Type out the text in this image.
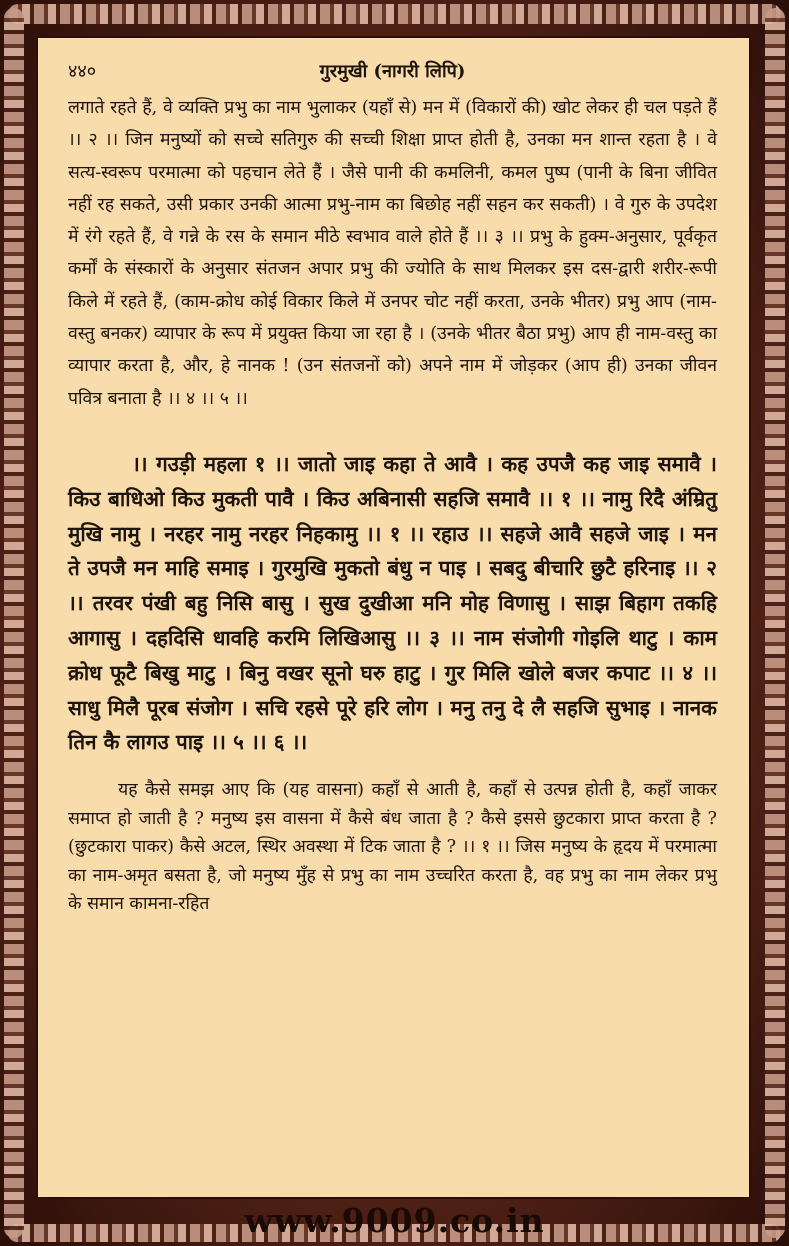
४४०	गुरमुखी (नागरी लिपि)

लगाते रहते हैं, वे व्यक्ति प्रभु का नाम भुलाकर (यहाँ से) मन में (विकारों की) खोट लेकर ही चल पड़ते हैं ।। २ ।। जिन मनुष्यों को सच्चे सतिगुरु की सच्ची शिक्षा प्राप्त होती है, उनका मन शान्त रहता है । वे सत्य-स्वरूप परमात्मा को पहचान लेते हैं । जैसे पानी की कमलिनी, कमल पुष्प (पानी के बिना जीवित नहीं रह सकते, उसी प्रकार उनकी आत्मा प्रभु-नाम का बिछोह नहीं सहन कर सकती) । वे गुरु के उपदेश में रंगे रहते हैं, वे गन्ने के रस के समान मीठे स्वभाव वाले होते हैं ।। ३ ।। प्रभु के हुक्म-अनुसार, पूर्वकृत कर्मों के संस्कारों के अनुसार संतजन अपार प्रभु की ज्योति के साथ मिलकर इस दस-द्वारी शरीर-रूपी किले में रहते हैं, (काम-क्रोध कोई विकार किले में उनपर चोट नहीं करता, उनके भीतर) प्रभु आप (नाम-वस्तु बनकर) व्यापार के रूप में प्रयुक्त किया जा रहा है । (उनके भीतर बैठा प्रभु) आप ही नाम-वस्तु का व्यापार करता है, और, हे नानक ! (उन संतजनों को) अपने नाम में जोड़कर (आप ही) उनका जीवन पवित्र बनाता है ।। ४ ।। ५ ।।

।। गउड़ी महला १ ।। जातो जाइ कहा ते आवै । कह उपजै कह जाइ समावै । किउ बाधिओ किउ मुकती पावै । किउ अबिनासी सहजि समावै ।। १ ।। नामु रिदै अंम्रितु मुखि नामु । नरहर नामु नरहर निहकामु ।। १ ।। रहाउ ।। सहजे आवै सहजे जाइ । मन ते उपजै मन माहि समाइ । गुरमुखि मुकतो बंधु न पाइ । सबदु बीचारि छुटै हरिनाइ ।। २ ।। तरवर पंखी बहु निसि बासु । सुख दुखीआ मनि मोह विणासु । साझ बिहाग तकहि आगासु । दहदिसि धावहि करमि लिखिआसु ।। ३ ।। नाम संजोगी गोइलि थाटु । काम क्रोध फूटै बिखु माटु । बिनु वखर सूनो घरु हाटु । गुर मिलि खोले बजर कपाट ।। ४ ।। साधु मिलै पूरब संजोग । सचि रहसे पूरे हरि लोग । मनु तनु दे लै सहजि सुभाइ । नानक तिन कै लागउ पाइ ।। ५ ।। ६ ।।

यह कैसे समझ आए कि (यह वासना) कहाँ से आती है, कहाँ से उत्पन्न होती है, कहाँ जाकर समाप्त हो जाती है ? मनुष्य इस वासना में कैसे बंध जाता है ? कैसे इससे छुटकारा प्राप्त करता है ? (छुटकारा पाकर) कैसे अटल, स्थिर अवस्था में टिक जाता है ? ।। १ ।। जिस मनुष्य के हृदय में परमात्मा का नाम-अमृत बसता है, जो मनुष्य मुँह से प्रभु का नाम उच्चरित करता है, वह प्रभु का नाम लेकर प्रभु के समान कामना-रहित

www.9009.co.in
